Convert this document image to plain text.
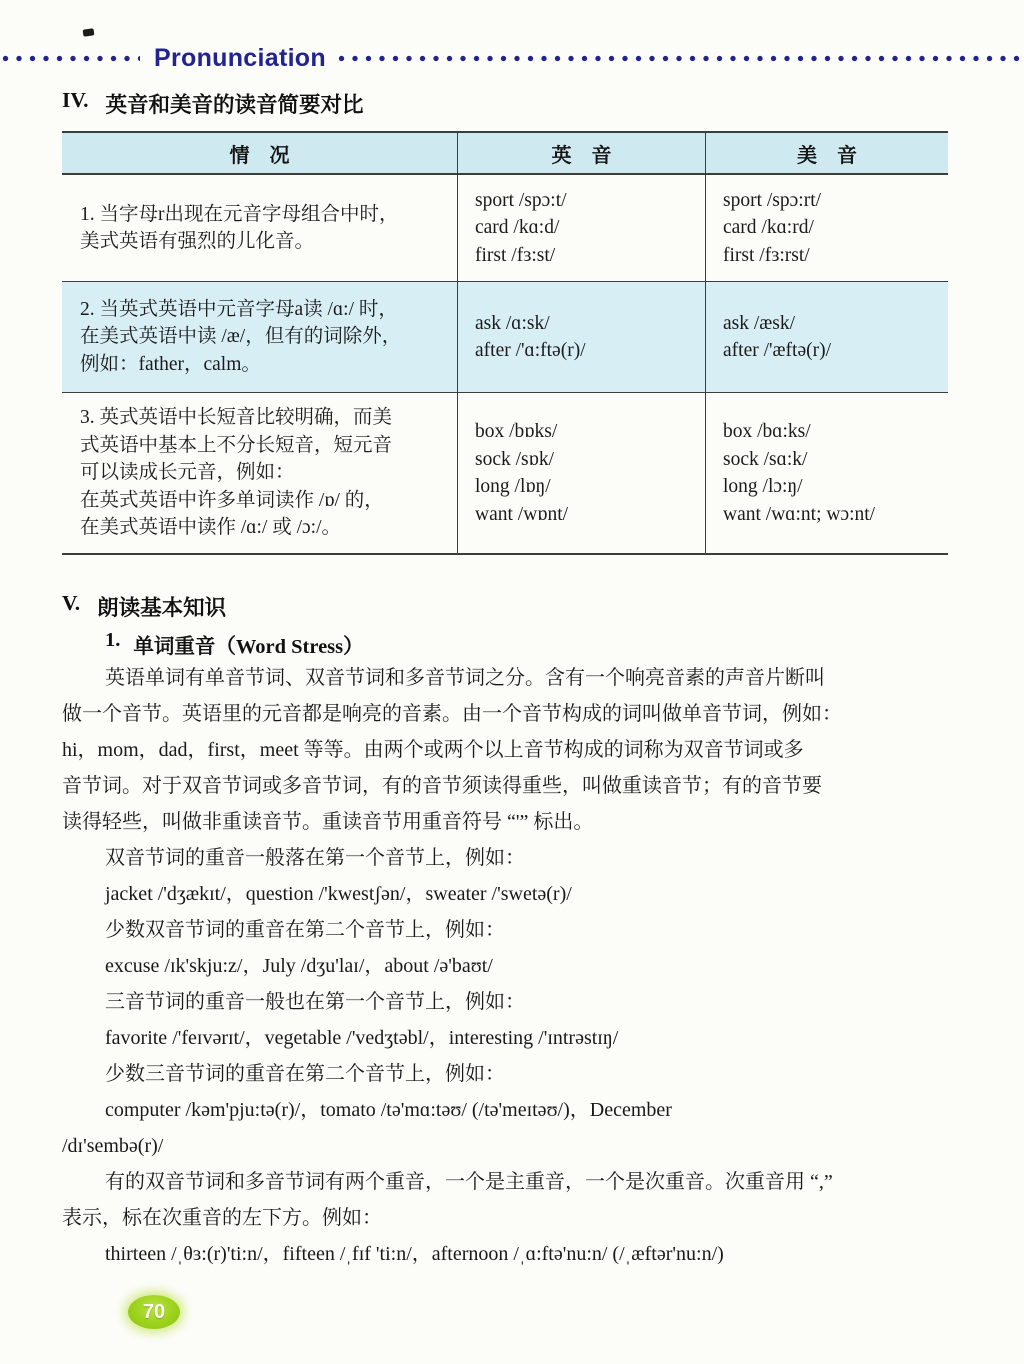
Pronunciation
IV. 英音和美音的读音简要对比
情　况	英　音	美　音
1. 当字母r出现在元音字母组合中时，
美式英语有强烈的儿化音。
sport /spɔ:t/
card /kɑ:d/
first /fɜ:st/
sport /spɔ:rt/
card /kɑ:rd/
first /fɜ:rst/
2. 当英式英语中元音字母a读 /ɑ:/ 时，
在美式英语中读 /æ/，但有的词除外，
例如：father，calm。
ask /ɑ:sk/
after /'ɑ:ftə(r)/
ask /æsk/
after /'æftə(r)/
3. 英式英语中长短音比较明确，而美
式英语中基本上不分长短音，短元音
可以读成长元音，例如：
在英式英语中许多单词读作 /ɒ/ 的，
在美式英语中读作 /ɑ:/ 或 /ɔ:/。
box /bɒks/
sock /sɒk/
long /lɒŋ/
want /wɒnt/
box /bɑ:ks/
sock /sɑ:k/
long /lɔ:ŋ/
want /wɑ:nt; wɔ:nt/
V. 朗读基本知识
1. 单词重音（Word Stress）
英语单词有单音节词、双音节词和多音节词之分。含有一个响亮音素的声音片断叫
做一个音节。英语里的元音都是响亮的音素。由一个音节构成的词叫做单音节词，例如：
hi，mom，dad，first，meet 等等。由两个或两个以上音节构成的词称为双音节词或多
音节词。对于双音节词或多音节词，有的音节须读得重些，叫做重读音节；有的音节要
读得轻些，叫做非重读音节。重读音节用重音符号 “'” 标出。
双音节词的重音一般落在第一个音节上，例如：
jacket /'dʒækɪt/，question /'kwestʃən/，sweater /'swetə(r)/
少数双音节词的重音在第二个音节上，例如：
excuse /ɪk'skju:z/，July /dʒu'laɪ/，about /ə'baʊt/
三音节词的重音一般也在第一个音节上，例如：
favorite /'feɪvərɪt/，vegetable /'vedʒtəbl/，interesting /'ɪntrəstɪŋ/
少数三音节词的重音在第二个音节上，例如：
computer /kəm'pju:tə(r)/，tomato /tə'mɑ:təʊ/ (/tə'meɪtəʊ/)，December
/dɪ'sembə(r)/
有的双音节词和多音节词有两个重音，一个是主重音，一个是次重音。次重音用 “,”
表示，标在次重音的左下方。例如：
thirteen /ˌθɜ:(r)'ti:n/，fifteen /ˌfɪf 'ti:n/，afternoon /ˌɑ:ftə'nu:n/ (/ˌæftər'nu:n/)
70
